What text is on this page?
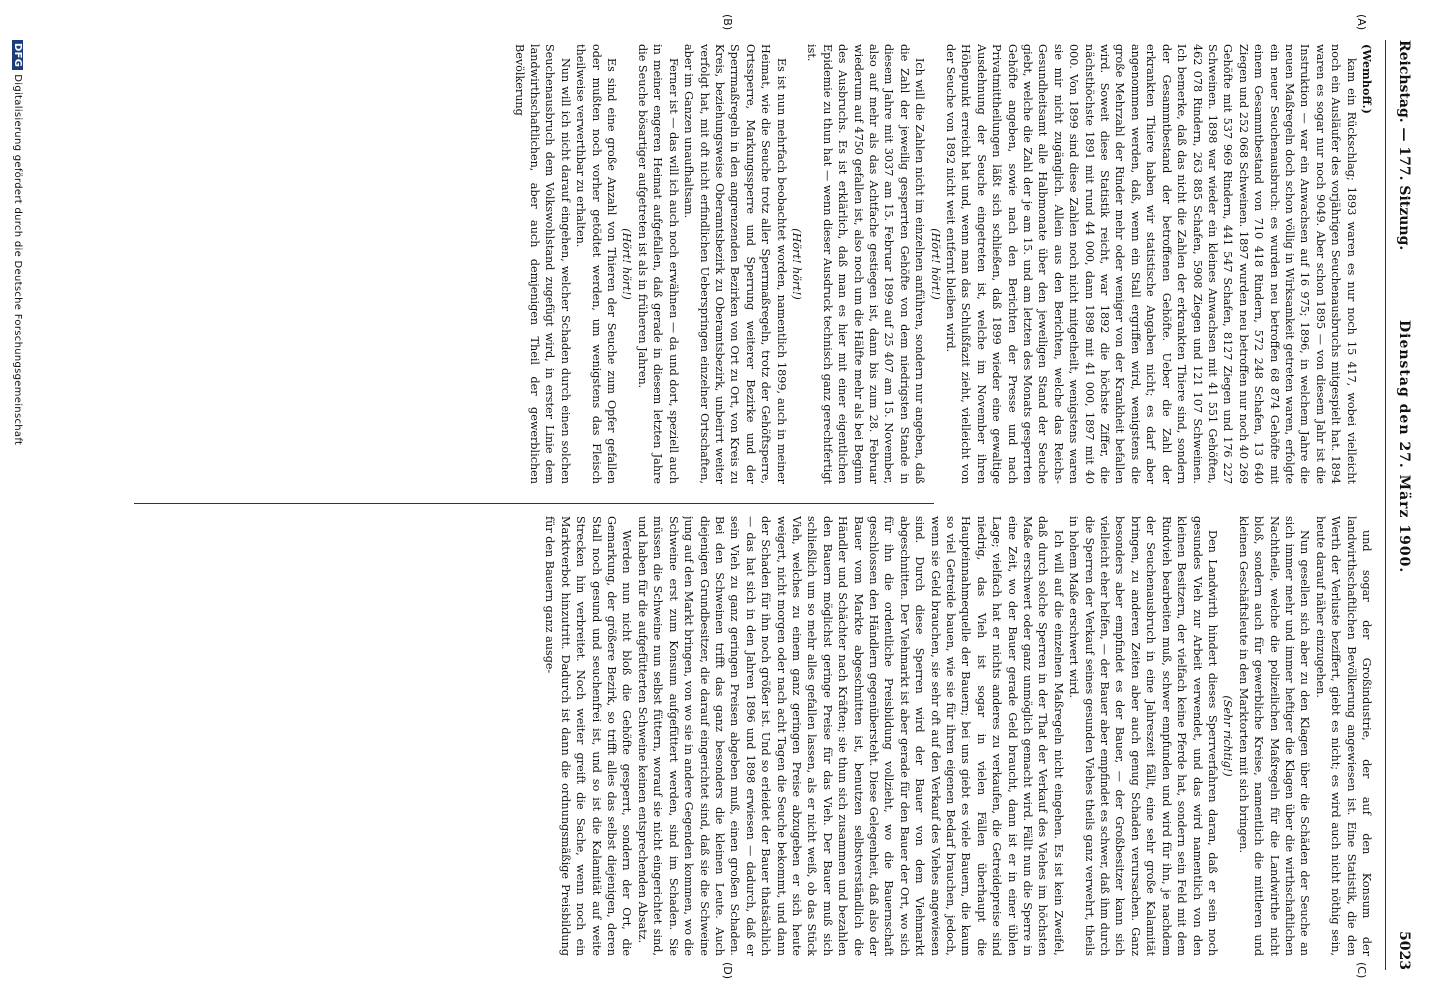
Reichstag. — 177. Sitzung.
Dienstag den 27. März 1900.
5023
(A)
(B)
(C)
(D)

(Wemhoff.)

kam ein Rückschlag; 1893 waren es nur noch 15 417, wobei vielleicht noch ein Ausläufer des vorjährigen Seuchenausbruchs mitgespielt hat. 1894 waren es sogar nur noch 9049. Aber schon 1895 — von diesem Jahr ist die Instruktion — war ein Anwachsen auf 16 975; 1896, in welchem Jahre die neuen Maßregeln doch schon völlig in Wirksamkeit getreten waren, erfolgte ein neuer Seuchenausbruch: es wurden neu betroffen 68 874 Gehöfte mit einem Gesammtbestand von 710 418 Rindern, 572 248 Schafen, 13 640 Ziegen und 252 068 Schweinen. 1897 wurden neu betroffen nur noch 40 269 Gehöfte mit 537 969 Rindern, 441 547 Schafen, 8127 Ziegen und 176 227 Schweinen. 1898 war wieder ein kleines Anwachsen mit 41 551 Gehöften, 462 078 Rindern, 263 885 Schafen, 5908 Ziegen und 121 107 Schweinen. Ich bemerke, daß das nicht die Zahlen der erkrankten Thiere sind, sondern der Gesammtbestand der betroffenen Gehöfte. Ueber die Zahl der erkrankten Thiere haben wir statistische Angaben nicht; es darf aber angenommen werden, daß, wenn ein Stall ergriffen wird, wenigstens die große Mehrzahl der Rinder mehr oder weniger von der Krankheit befallen wird. Soweit diese Statistik reicht, war 1892 die höchste Ziffer, die nächsthöchste 1891 mit rund 44 000, dann 1898 mit 41 000, 1897 mit 40 000. Von 1899 sind diese Zahlen noch nicht mitgetheilt, wenigstens waren sie mir nicht zugänglich. Allein aus den Berichten, welche das Reichs-Gesundheitsamt alle Halbmonate über den jeweiligen Stand der Seuche giebt, welche die Zahl der je am 15. und am letzten des Monats gesperrten Gehöfte angeben, sowie nach den Berichten der Presse und nach Privatmittheilungen läßt sich schließen, daß 1899 wieder eine gewaltige Ausdehnung der Seuche eingetreten ist, welche im November ihren Höhepunkt erreicht hat und, wenn man das Schlußfazit zieht, vielleicht von der Seuche von 1892 nicht weit entfernt bleiben wird.

(Hört! hört!)

Ich will die Zahlen nicht im einzelnen anführen, sondern nur angeben, daß die Zahl der jeweilig gesperrten Gehöfte von dem niedrigsten Stande in diesem Jahre mit 3037 am 15. Februar 1899 auf 25 407 am 15. November, also auf mehr als das Achtfache gestiegen ist, dann bis zum 28. Februar wiederum auf 4750 gefallen ist, also noch um die Hälfte mehr als bei Beginn des Ausbruchs. Es ist erklärlich, daß man es hier mit einer eigentlichen Epidemie zu thun hat — wenn dieser Ausdruck technisch ganz gerechtfertigt ist.

(Hört! hört!)

Es ist nun mehrfach beobachtet worden, namentlich 1899, auch in meiner Heimat, wie die Seuche trotz aller Sperrmaßregeln, trotz der Gehöftsperre, Ortssperre, Markungssperre und Sperrung weiterer Bezirke und der Sperrmaßregeln in den angrenzenden Bezirken von Ort zu Ort, von Kreis zu Kreis, beziehungsweise Oberamtsbezirk zu Oberamtsbezirk, unbeirrt weiter verfolgt hat, mit oft nicht erfindlichen Ueberspringen einzelner Ortschaften, aber im Ganzen unaufhaltsam.

Ferner ist — das will ich auch noch erwähnen — da und dort, speziell auch in meiner engeren Heimat aufgefallen, daß gerade in diesem letzten Jahre die Seuche bösartiger aufgetreten ist als in früheren Jahren.

(Hört! hört!)

Es sind eine große Anzahl von Thieren der Seuche zum Opfer gefallen oder mußten noch vorher getödtet werden, um wenigstens das Fleisch theilweise verwerthbar zu erhalten.

Nun will ich nicht darauf eingehen, welcher Schaden durch einen solchen Seuchenausbruch dem Volkswohlstand zugefügt wird, in erster Linie dem landwirthschaftlichen, aber auch demjenigen Theil der gewerblichen Bevölkerung

und sogar der Großindustrie, der auf den Konsum der landwirthschaftlichen Bevölkerung angewiesen ist. Eine Statistik, die den Werth der Verluste beziffert, giebt es nicht; es wird auch nicht nöthig sein, heute darauf näher einzugehen.

Nun gesellen sich aber zu den Klagen über die Schäden der Seuche an sich immer mehr und immer heftiger die Klagen über die wirthschaftlichen Nachtheile, welche die polizeilichen Maßregeln für die Landwirthe nicht bloß, sondern auch für gewerbliche Kreise, namentlich die mittleren und kleinen Geschäftsleute in den Marktorten mit sich bringen.

(Sehr richtig!)

Den Landwirth hindert dieses Sperrverfahren daran, daß er sein noch gesundes Vieh zur Arbeit verwendet, und das wird namentlich von den kleinen Besitzern, der vielfach keine Pferde hat, sondern sein Feld mit dem Rindvieh bearbeiten muß, schwer empfunden und wird für ihn, je nachdem der Seuchenausbruch in eine Jahreszeit fällt, eine sehr große Kalamität bringen, zu anderen Zeiten aber auch genug Schaden verursachen. Ganz besonders aber empfindet es der Bauer, — der Großbesitzer kann sich vielleicht eher helfen, — der Bauer aber empfindet es schwer, daß ihm durch die Sperren der Verkauf seines gesunden Viehes theils ganz verwehrt, theils in hohem Maße erschwert wird.

Ich will auf die einzelnen Maßregeln nicht eingehen. Es ist kein Zweifel, daß durch solche Sperren in der That der Verkauf des Viehes im höchsten Maße erschwert oder ganz unmöglich gemacht wird. Fällt nun die Sperre in eine Zeit, wo der Bauer gerade Geld braucht, dann ist er in einer üblen Lage; vielfach hat er nichts anderes zu verkaufen, die Getreidepreise sind niedrig, das Vieh ist sogar in vielen Fällen überhaupt die Haupteinnahmequelle der Bauern; bei uns giebt es viele Bauern, die kaum so viel Getreide bauen, wie sie für ihren eigenen Bedarf brauchen, jedoch, wenn sie Geld brauchen, sie sehr oft auf den Verkauf des Viehes angewiesen sind. Durch diese Sperren wird der Bauer von dem Viehmarkt abgeschnitten. Der Viehmarkt ist aber gerade für den Bauer der Ort, wo sich für ihn die ordentliche Preisbildung vollzieht, wo die Bauernschaft geschlossen den Händlern gegenübersteht. Diese Gelegenheit, daß also der Bauer vom Markte abgeschnitten ist, benutzen selbstverständlich die Händler und Schächter nach Kräften; sie thun sich zusammen und bezahlen den Bauern möglichst geringe Preise für das Vieh. Der Bauer muß sich schließlich um so mehr alles gefallen lassen, als er nicht weiß, ob das Stück Vieh, welches zu einem ganz geringen Preise abzugeben er sich heute weigert, nicht morgen oder nach acht Tagen die Seuche bekommt, und dann der Schaden für ihn noch größer ist. Und so erleidet der Bauer thatsächlich — das hat sich in den Jahren 1896 und 1898 erwiesen — dadurch, daß er sein Vieh zu ganz geringen Preisen abgeben muß, einen großen Schaden. Bei den Schweinen trifft das ganz besonders die kleinen Leute. Auch diejenigen Grundbesitzer, die darauf eingerichtet sind, daß sie die Schweine jung auf den Markt bringen, von wo sie in andere Gegenden kommen, wo die Schweine erst zum Konsum aufgefüttert werden, sind im Schaden. Sie müssen die Schweine nun selbst füttern, worauf sie nicht eingerichtet sind, und haben für die aufgefütterten Schweine keinen entsprechenden Absatz.

Werden nun nicht bloß die Gehöfte gesperrt, sondern der Ort, die Gemarkung, der größere Bezirk, so trifft alles das selbst diejenigen, deren Stall noch gesund und seuchenfrei ist, und so ist die Kalamität auf weite Strecken hin verbreitet. Noch weiter greift die Sache, wenn noch ein Marktverbot hinzutritt. Dadurch ist dann die ordnungsmäßige Preisbildung für den Bauern ganz ausge-

DFGDigitalisierung gefördert durch die Deutsche Forschungsgemeinschaft
